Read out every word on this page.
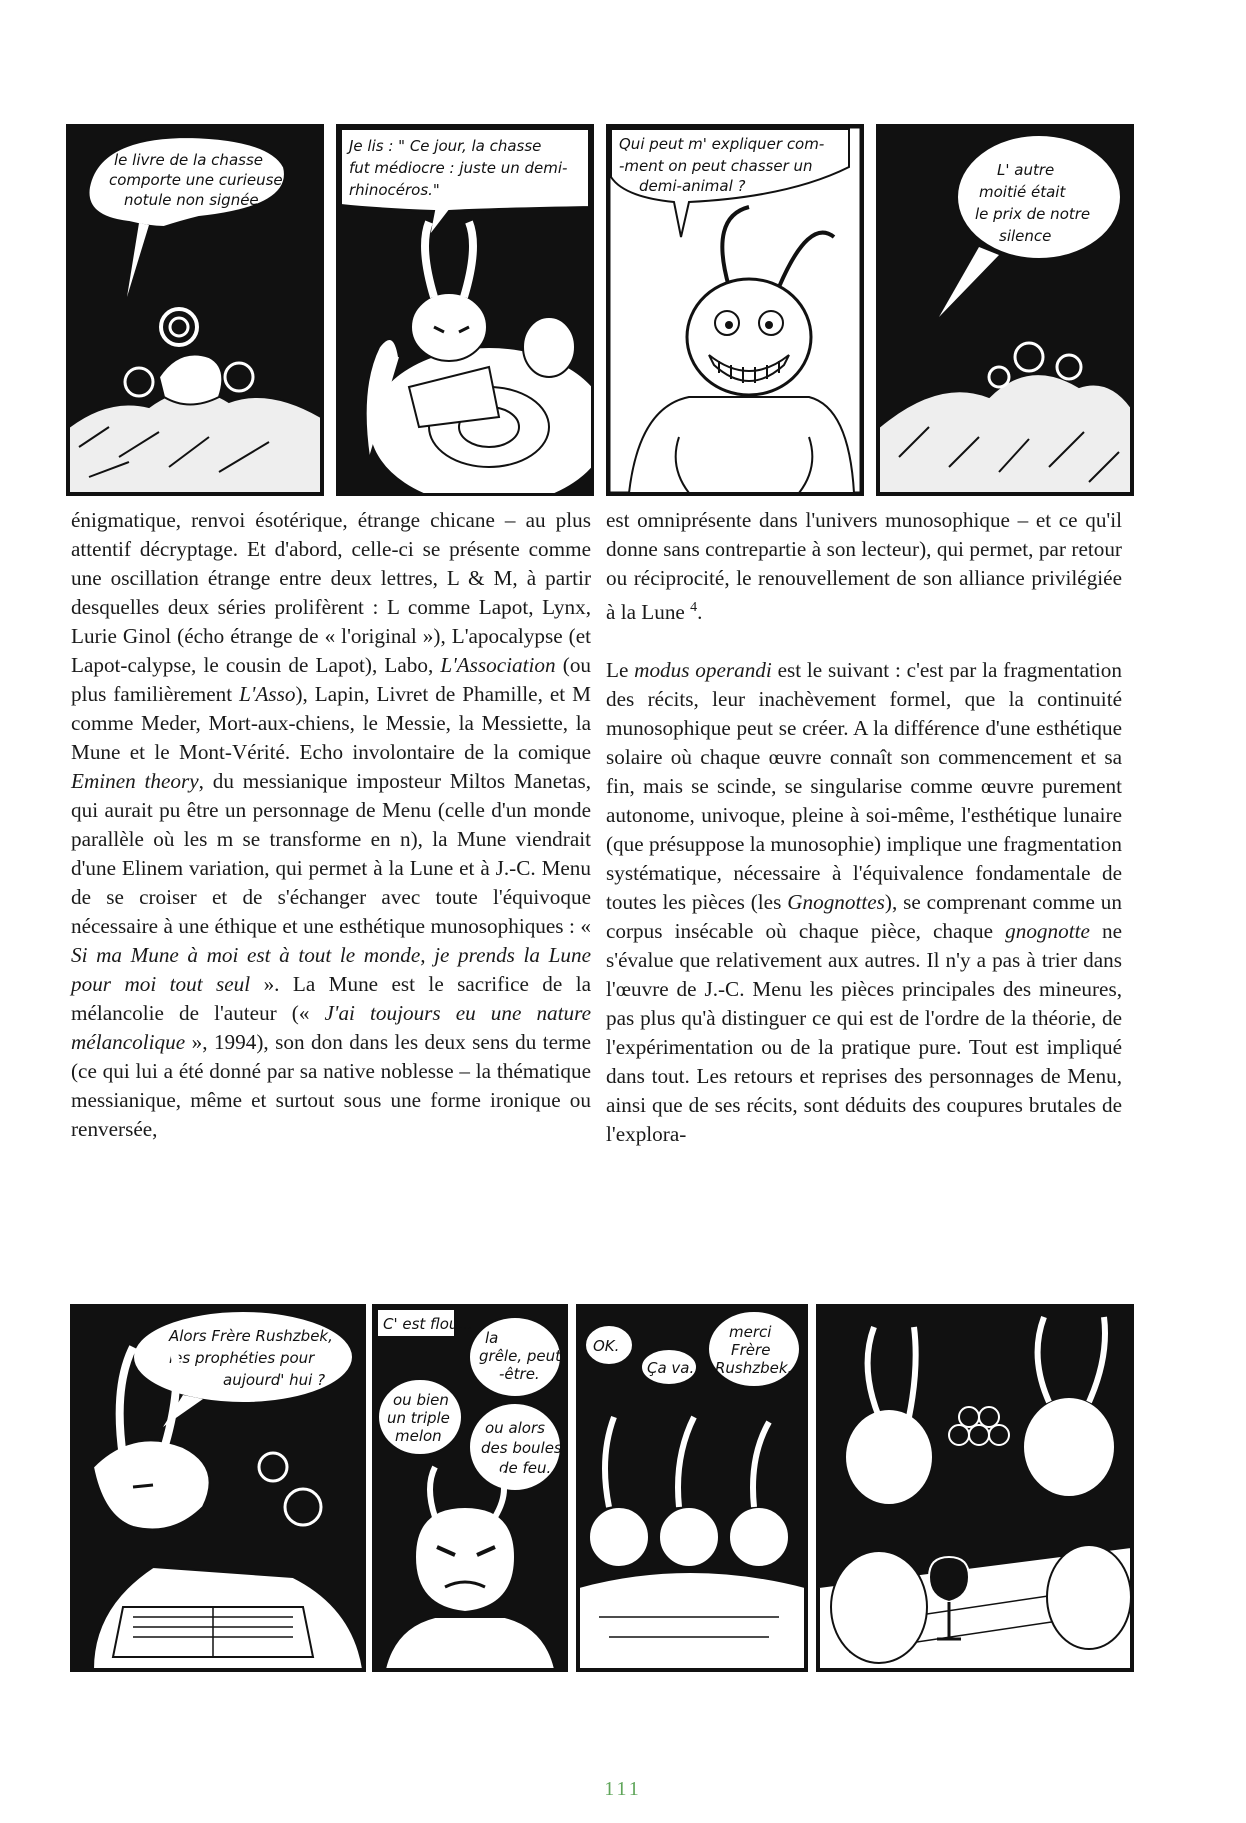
le livre de la chasse
comporte une curieuse
notule non signée
Je lis : " Ce jour, la chasse
fut médiocre : juste un demi-
rhinocéros."
Qui peut m' expliquer com-
-ment on peut chasser un
demi-animal ?
L' autre
moitié était
le prix de notre
silence

énigmatique, renvoi ésotérique, étrange chicane – au plus attentif décryptage. Et d'abord, celle-ci se présente comme une oscillation étrange entre deux lettres, L & M, à partir desquelles deux séries prolifèrent : L comme Lapot, Lynx, Lurie Ginol (écho étrange de « l'original »), L'apocalypse (et Lapot-calypse, le cousin de Lapot), Labo, L'Association (ou plus familièrement L'Asso), Lapin, Livret de Phamille, et M comme Meder, Mort-aux-chiens, le Messie, la Messiette, la Mune et le Mont-Vérité. Echo involontaire de la comique Eminen theory, du messianique imposteur Miltos Manetas, qui aurait pu être un personnage de Menu (celle d'un monde parallèle où les m se transforme en n), la Mune viendrait d'une Elinem variation, qui permet à la Lune et à J.-C. Menu de se croiser et de s'échanger avec toute l'équivoque nécessaire à une éthique et une esthétique munosophiques : « Si ma Mune à moi est à tout le monde, je prends la Lune pour moi tout seul ». La Mune est le sacrifice de la mélancolie de l'auteur (« J'ai toujours eu une nature mélancolique », 1994), son don dans les deux sens du terme (ce qui lui a été donné par sa native noblesse – la thématique messianique, même et surtout sous une forme ironique ou renversée,

est omniprésente dans l'univers munosophique – et ce qu'il donne sans contrepartie à son lecteur), qui permet, par retour ou réciprocité, le renouvellement de son alliance privilégiée à la Lune $^4$.

Le modus operandi est le suivant : c'est par la fragmentation des récits, leur inachèvement formel, que la continuité munosophique peut se créer. A la différence d'une esthétique solaire où chaque œuvre connaît son commencement et sa fin, mais se scinde, se singularise comme œuvre purement autonome, univoque, pleine à soi-même, l'esthétique lunaire (que présuppose la munosophie) implique une fragmentation systématique, nécessaire à l'équivalence fondamentale de toutes les pièces (les Gnognottes), se comprenant comme un corpus insécable où chaque pièce, chaque gnognotte ne s'évalue que relativement aux autres. Il n'y a pas à trier dans l'œuvre de J.-C. Menu les pièces principales des mineures, pas plus qu'à distinguer ce qui est de l'ordre de la théorie, de l'expérimentation ou de la pratique pure. Tout est impliqué dans tout. Les retours et reprises des personnages de Menu, ainsi que de ses récits, sont déduits des coupures brutales de l'explora-

Alors Frère Rushzbek,
les prophéties pour
aujourd' hui ?
C' est flou...
la
grêle, peut
-être.
ou bien
un triple
melon	ou alors
des boules
de feu.
OK.
Ça va.
merci
Frère
Rushzbek.
111
